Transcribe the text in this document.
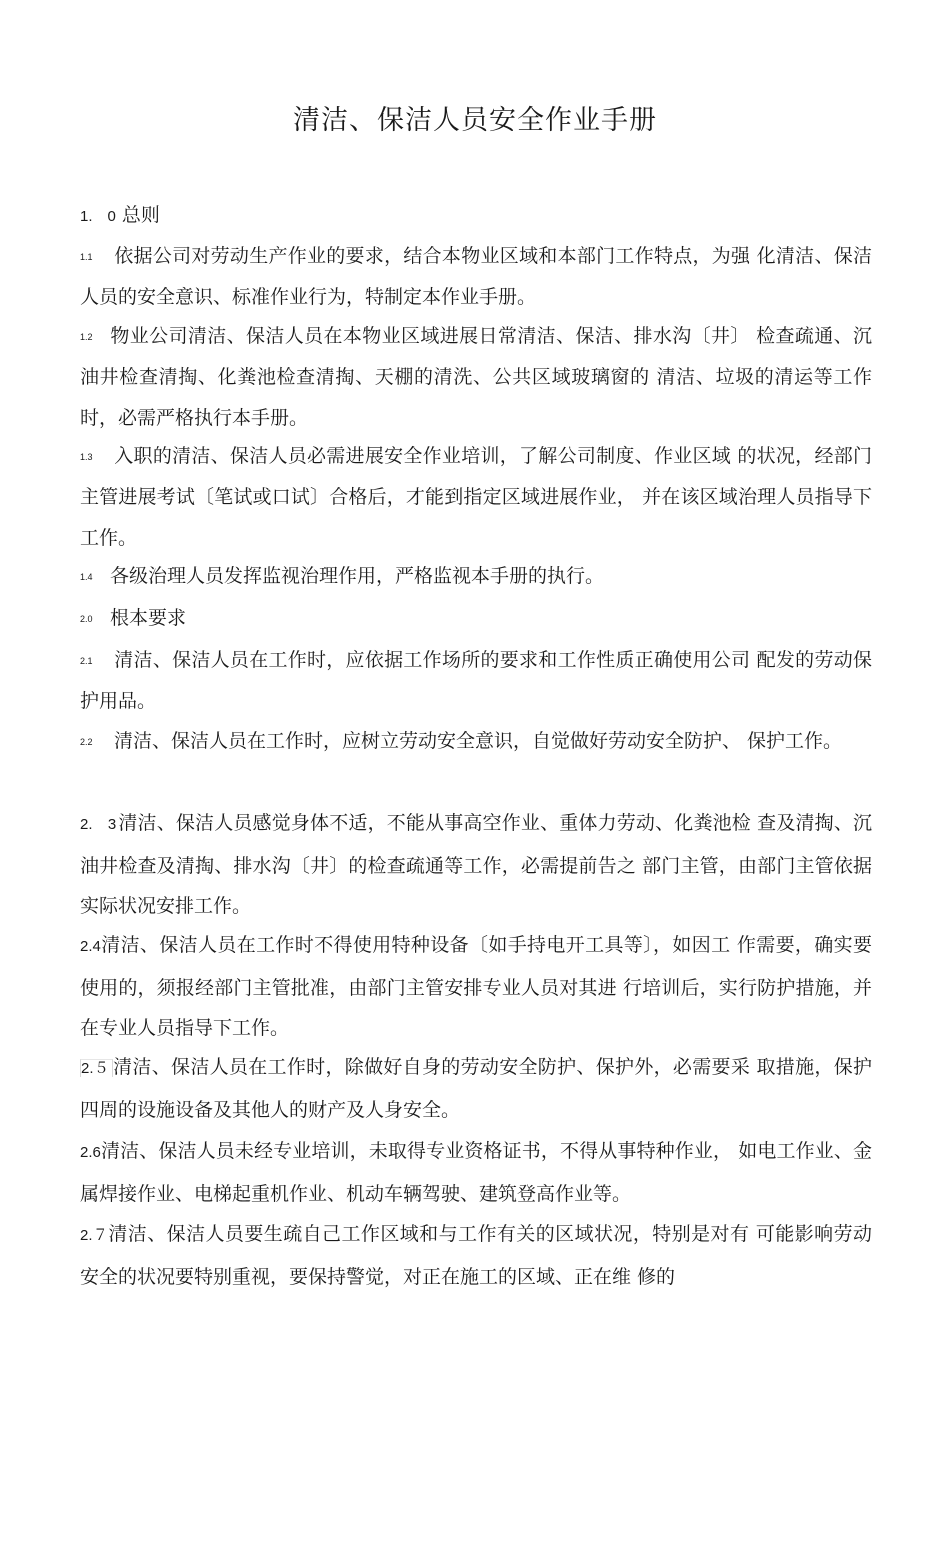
清洁、保洁人员安全作业手册
1.　0 总则
1.1 依据公司对劳动生产作业的要求，结合本物业区域和本部门工作特点，为强 化清洁、保洁人员的安全意识、标准作业行为，特制定本作业手册。
1.2 物业公司清洁、保洁人员在本物业区域进展日常清洁、保洁、排水沟〔井〕 检查疏通、沉油井检查清掏、化粪池检查清掏、天棚的清洗、公共区域玻璃窗的 清洁、垃圾的清运等工作时，必需严格执行本手册。
1.3 入职的清洁、保洁人员必需进展安全作业培训，了解公司制度、作业区域 的状况，经部门主管进展考试〔笔试或口试〕合格后，才能到指定区域进展作业， 并在该区域治理人员指导下工作。
1.4 各级治理人员发挥监视治理作用，严格监视本手册的执行。
2.0 根本要求
2.1 清洁、保洁人员在工作时，应依据工作场所的要求和工作性质正确使用公司 配发的劳动保护用品。
2.2 清洁、保洁人员在工作时，应树立劳动安全意识，自觉做好劳动安全防护、 保护工作。
2.　3 清洁、保洁人员感觉身体不适，不能从事高空作业、重体力劳动、化粪池检 查及清掏、沉油井检查及清掏、排水沟〔井〕的检查疏通等工作，必需提前告之 部门主管，由部门主管依据实际状况安排工作。
2.4清洁、保洁人员在工作时不得使用特种设备〔如手持电开工具等〕，如因工 作需要，确实要使用的，须报经部门主管批准，由部门主管安排专业人员对其进 行培训后，实行防护措施，并在专业人员指导下工作。
2.５ 清洁、保洁人员在工作时，除做好自身的劳动安全防护、保护外，必需要采 取措施，保护四周的设施设备及其他人的财产及人身安全。
2.6清洁、保洁人员未经专业培训，未取得专业资格证书，不得从事特种作业， 如电工作业、金属焊接作业、电梯起重机作业、机动车辆驾驶、建筑登高作业等。
2.７清洁、保洁人员要生疏自己工作区域和与工作有关的区域状况，特别是对有 可能影响劳动安全的状况要特别重视，要保持警觉，对正在施工的区域、正在维 修的
